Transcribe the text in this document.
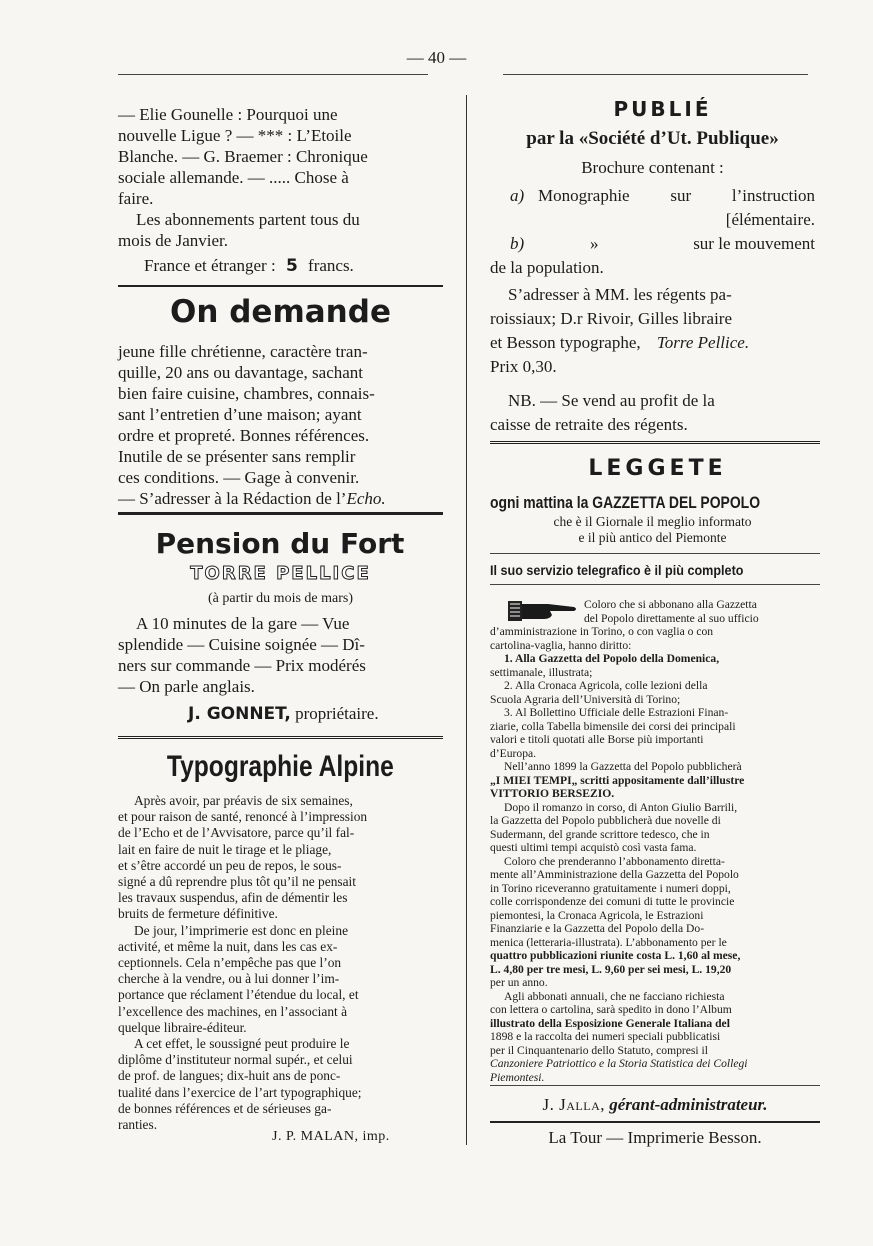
— 40 —
— Elie Gounelle : Pourquoi une
nouvelle Ligue ? — *** : L’Etoile
Blanche. — G. Braemer : Chronique
sociale allemande. — ..... Chose à
faire.
Les abonnements partent tous du
mois de Janvier.
France et étranger : 5 francs.
On demande
jeune fille chrétienne, caractère tran-
quille, 20 ans ou davantage, sachant
bien faire cuisine, chambres, connais-
sant l’entretien d’une maison; ayant
ordre et propreté. Bonnes références.
Inutile de se présenter sans remplir
ces conditions. — Gage à convenir.
— S’adresser à la Rédaction de l’Echo.
Pension du Fort
TORRE PELLICE
(à partir du mois de mars)
A 10 minutes de la gare — Vue
splendide — Cuisine soignée — Dî-
ners sur commande — Prix modérés
— On parle anglais.
J. GONNET, propriétaire.
Typographie Alpine
Après avoir, par préavis de six semaines,
et pour raison de santé, renoncé à l’impression
de l’Echo et de l’Avvisatore, parce qu’il fal-
lait en faire de nuit le tirage et le pliage,
et s’être accordé un peu de repos, le sous-
signé a dû reprendre plus tôt qu’il ne pensait
les travaux suspendus, afin de démentir les
bruits de fermeture définitive.
De jour, l’imprimerie est donc en pleine
activité, et même la nuit, dans les cas ex-
ceptionnels. Cela n’empêche pas que l’on
cherche à la vendre, ou à lui donner l’im-
portance que réclament l’étendue du local, et
l’excellence des machines, en l’associant à
quelque libraire-éditeur.
A cet effet, le soussigné peut produire le
diplôme d’instituteur normal supér., et celui
de prof. de langues; dix-huit ans de ponc-
tualité dans l’exercice de l’art typographique;
de bonnes références et de sérieuses ga-
ranties.
J. P. MALAN, imp.
PUBLIÉ
par la «Société d’Ut. Publique»
Brochure contenant :
a) Monographie sur l’instruction
[élémentaire.
b)	»	sur le mouvement
de la population.
S’adresser à MM. les régents pa-
roissiaux; D.r Rivoir, Gilles libraire
et Besson typographe, Torre Pellice.
Prix 0,30.
NB. — Se vend au profit de la
caisse de retraite des régents.
LEGGETE
ogni mattina la GAZZETTA DEL POPOLO
che è il Giornale il meglio informato
e il più antico del Piemonte
Il suo servizio telegrafico è il più completo
Coloro che si abbonano alla Gazzetta
del Popolo direttamente al suo ufficio
d’amministrazione in Torino, o con vaglia o con
cartolina-vaglia, hanno diritto:
1. Alla Gazzetta del Popolo della Domenica,
settimanale, illustrata;
2. Alla Cronaca Agricola, colle lezioni della
Scuola Agraria dell’Università di Torino;
3. Al Bollettino Ufficiale delle Estrazioni Finan-
ziarie, colla Tabella bimensile dei corsi dei principali
valori e titoli quotati alle Borse più importanti
d’Europa.
Nell’anno 1899 la Gazzetta del Popolo pubblicherà
„I MIEI TEMPI„ scritti appositamente dall’illustre
VITTORIO BERSEZIO.
Dopo il romanzo in corso, di Anton Giulio Barrili,
la Gazzetta del Popolo pubblicherà due novelle di
Sudermann, del grande scrittore tedesco, che in
questi ultimi tempi acquistò così vasta fama.
Coloro che prenderanno l’abbonamento diretta-
mente all’Amministrazione della Gazzetta del Popolo
in Torino riceveranno gratuitamente i numeri doppi,
colle corrispondenze dei comuni di tutte le provincie
piemontesi, la Cronaca Agricola, le Estrazioni
Finanziarie e la Gazzetta del Popolo della Do-
menica (letteraria-illustrata). L’abbonamento per le
quattro pubblicazioni riunite costa L. 1,60 al mese,
L. 4,80 per tre mesi, L. 9,60 per sei mesi, L. 19,20
per un anno.
Agli abbonati annuali, che ne facciano richiesta
con lettera o cartolina, sarà spedito in dono l’Album
illustrato della Esposizione Generale Italiana del
1898 e la raccolta dei numeri speciali pubblicatisi
per il Cinquantenario dello Statuto, compresi il
Canzoniere Patriottico e la Storia Statistica dei Collegi
Piemontesi.
J. Jalla, gérant-administrateur.
La Tour — Imprimerie Besson.
